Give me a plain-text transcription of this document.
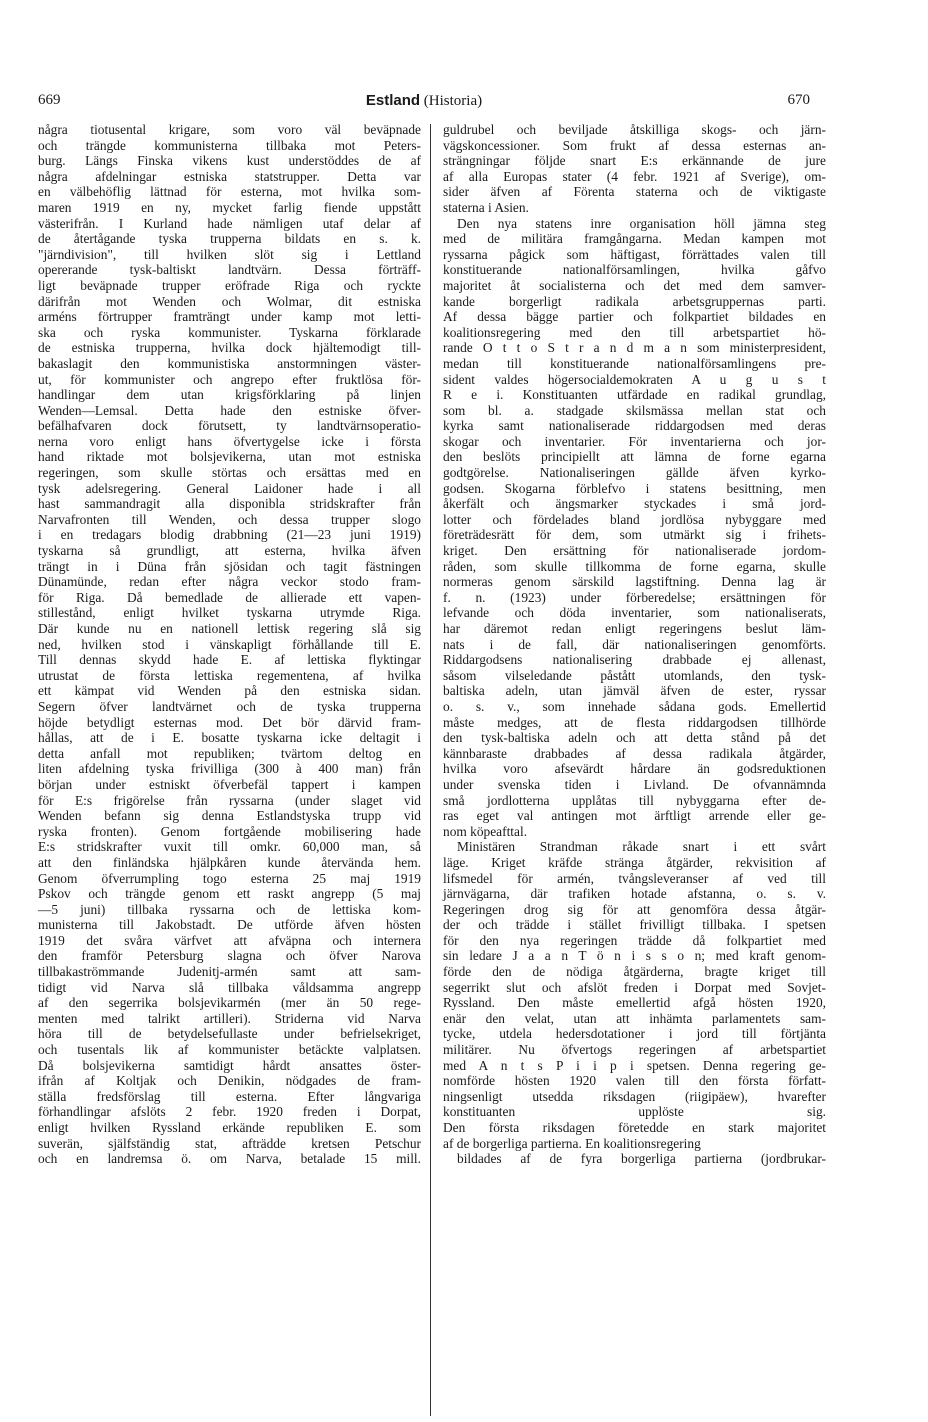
669	Estland (Historia)	670
några tiotusental krigare, som voro väl beväpnade
och trängde kommunisterna tillbaka mot Peters-
burg. Längs Finska vikens kust understöddes de af
några afdelningar estniska statstrupper. Detta var
en välbehöflig lättnad för esterna, mot hvilka som-
maren 1919 en ny, mycket farlig fiende uppstått
västerifrån. I Kurland hade nämligen utaf delar af
de återtågande tyska trupperna bildats en s. k.
"järndivision", till hvilken slöt sig i Lettland
opererande tysk-baltiskt landtvärn. Dessa förträff-
ligt beväpnade trupper eröfrade Riga och ryckte
därifrån mot Wenden och Wolmar, dit estniska
arméns förtrupper framträngt under kamp mot letti-
ska och ryska kommunister. Tyskarna förklarade
de estniska trupperna, hvilka dock hjältemodigt till-
bakaslagit den kommunistiska anstormningen väster-
ut, för kommunister och angrepo efter fruktlösa för-
handlingar dem utan krigsförklaring på linjen
Wenden—Lemsal. Detta hade den estniske öfver-
befälhafvaren dock förutsett, ty landtvärnsoperatio-
nerna voro enligt hans öfvertygelse icke i första
hand riktade mot bolsjevikerna, utan mot estniska
regeringen, som skulle störtas och ersättas med en
tysk adelsregering. General Laidoner hade i all
hast sammandragit alla disponibla stridskrafter från
Narvafronten till Wenden, och dessa trupper slogo
i en tredagars blodig drabbning (21—23 juni 1919)
tyskarna så grundligt, att esterna, hvilka äfven
trängt in i Düna från sjösidan och tagit fästningen
Dünamünde, redan efter några veckor stodo fram-
för Riga. Då bemedlade de allierade ett vapen-
stillestånd, enligt hvilket tyskarna utrymde Riga.
Där kunde nu en nationell lettisk regering slå sig
ned, hvilken stod i vänskapligt förhållande till E.
Till dennas skydd hade E. af lettiska flyktingar
utrustat de första lettiska regementena, af hvilka
ett kämpat vid Wenden på den estniska sidan.
Segern öfver landtvärnet och de tyska trupperna
höjde betydligt esternas mod. Det bör därvid fram-
hållas, att de i E. bosatte tyskarna icke deltagit i
detta anfall mot republiken; tvärtom deltog en
liten afdelning tyska frivilliga (300 à 400 man) från
början under estniskt öfverbefäl tappert i kampen
för E:s frigörelse från ryssarna (under slaget vid
Wenden befann sig denna Estlandstyska trupp vid
ryska fronten). Genom fortgående mobilisering hade
E:s stridskrafter vuxit till omkr. 60,000 man, så
att den finländska hjälpkåren kunde återvända hem.
Genom öfverrumpling togo esterna 25 maj 1919
Pskov och trängde genom ett raskt angrepp (5 maj
—5 juni) tillbaka ryssarna och de lettiska kom-
munisterna till Jakobstadt. De utförde äfven hösten
1919 det svåra värfvet att afväpna och internera
den framför Petersburg slagna och öfver Narova
tillbakaströmmande Judenitj-armén samt att sam-
tidigt vid Narva slå tillbaka våldsamma angrepp
af den segerrika bolsjevikarmén (mer än 50 rege-
menten med talrikt artilleri). Striderna vid Narva
höra till de betydelsefullaste under befrielsekriget,
och tusentals lik af kommunister betäckte valplatsen.
Då bolsjevikerna samtidigt hårdt ansattes öster-
ifrån af Koltjak och Denikin, nödgades de fram-
ställa fredsförslag till esterna. Efter långvariga
förhandlingar afslöts 2 febr. 1920 freden i Dorpat,
enligt hvilken Ryssland erkände republiken E. som
suverän, själfständig stat, afträdde kretsen Petschur
och en landremsa ö. om Narva, betalade 15 mill.
guldrubel och beviljade åtskilliga skogs- och järn-
vägskoncessioner. Som frukt af dessa esternas an-
strängningar följde snart E:s erkännande de jure
af alla Europas stater (4 febr. 1921 af Sverige), om-
sider äfven af Förenta staterna och de viktigaste
staterna i Asien.
Den nya statens inre organisation höll jämna steg
med de militära framgångarna. Medan kampen mot
ryssarna pågick som häftigast, förrättades valen till
konstituerande nationalförsamlingen, hvilka gåfvo
majoritet åt socialisterna och det med dem samver-
kande borgerligt radikala arbetsgruppernas parti.
Af dessa bägge partier och folkpartiet bildades en
koalitionsregering med den till arbetspartiet hö-
rande O t t o S t r a n d m a n som ministerpresident,
medan till konstituerande nationalförsamlingens pre-
sident valdes högersocialdemokraten A u g u s t
R e i. Konstituanten utfärdade en radikal grundlag,
som bl. a. stadgade skilsmässa mellan stat och
kyrka samt nationaliserade riddargodsen med deras
skogar och inventarier. För inventarierna och jor-
den beslöts principiellt att lämna de forne egarna
godtgörelse. Nationaliseringen gällde äfven kyrko-
godsen. Skogarna förblefvo i statens besittning, men
åkerfält och ängsmarker styckades i små jord-
lotter och fördelades bland jordlösa nybyggare med
företrädesrätt för dem, som utmärkt sig i frihets-
kriget. Den ersättning för nationaliserade jordom-
råden, som skulle tillkomma de forne egarna, skulle
normeras genom särskild lagstiftning. Denna lag är
f. n. (1923) under förberedelse; ersättningen för
lefvande och döda inventarier, som nationaliserats,
har däremot redan enligt regeringens beslut läm-
nats i de fall, där nationaliseringen genomförts.
Riddargodsens nationalisering drabbade ej allenast,
såsom vilseledande påstått utomlands, den tysk-
baltiska adeln, utan jämväl äfven de ester, ryssar
o. s. v., som innehade sådana gods. Emellertid
måste medges, att de flesta riddargodsen tillhörde
den tysk-baltiska adeln och att detta stånd på det
kännbaraste drabbades af dessa radikala åtgärder,
hvilka voro afsevärdt hårdare än godsreduktionen
under svenska tiden i Livland. De ofvannämnda
små jordlotterna upplåtas till nybyggarna efter de-
ras eget val antingen mot ärftligt arrende eller ge-
nom köpeafttal.
Ministären Strandman råkade snart i ett svårt
läge. Kriget kräfde stränga åtgärder, rekvisition af
lifsmedel för armén, tvångsleveranser af ved till
järnvägarna, där trafiken hotade afstanna, o. s. v.
Regeringen drog sig för att genomföra dessa åtgär-
der och trädde i stället frivilligt tillbaka. I spetsen
för den nya regeringen trädde då folkpartiet med
sin ledare J a a n T ö n i s s o n; med kraft genom-
förde den de nödiga åtgärderna, bragte kriget till
segerrikt slut och afslöt freden i Dorpat med Sovjet-
Ryssland. Den måste emellertid afgå hösten 1920,
enär den velat, utan att inhämta parlamentets sam-
tycke, utdela hedersdotationer i jord till förtjänta
militärer. Nu öfvertogs regeringen af arbetspartiet
med A n t s P i i p i spetsen. Denna regering ge-
nomförde hösten 1920 valen till den första författ-
ningsenligt utsedda riksdagen (riigipäew), hvarefter
konstituanten upplöste sig.
Den första riksdagen företedde en stark majoritet
af de borgerliga partierna. En koalitionsregering
bildades af de fyra borgerliga partierna (jordbrukar-
